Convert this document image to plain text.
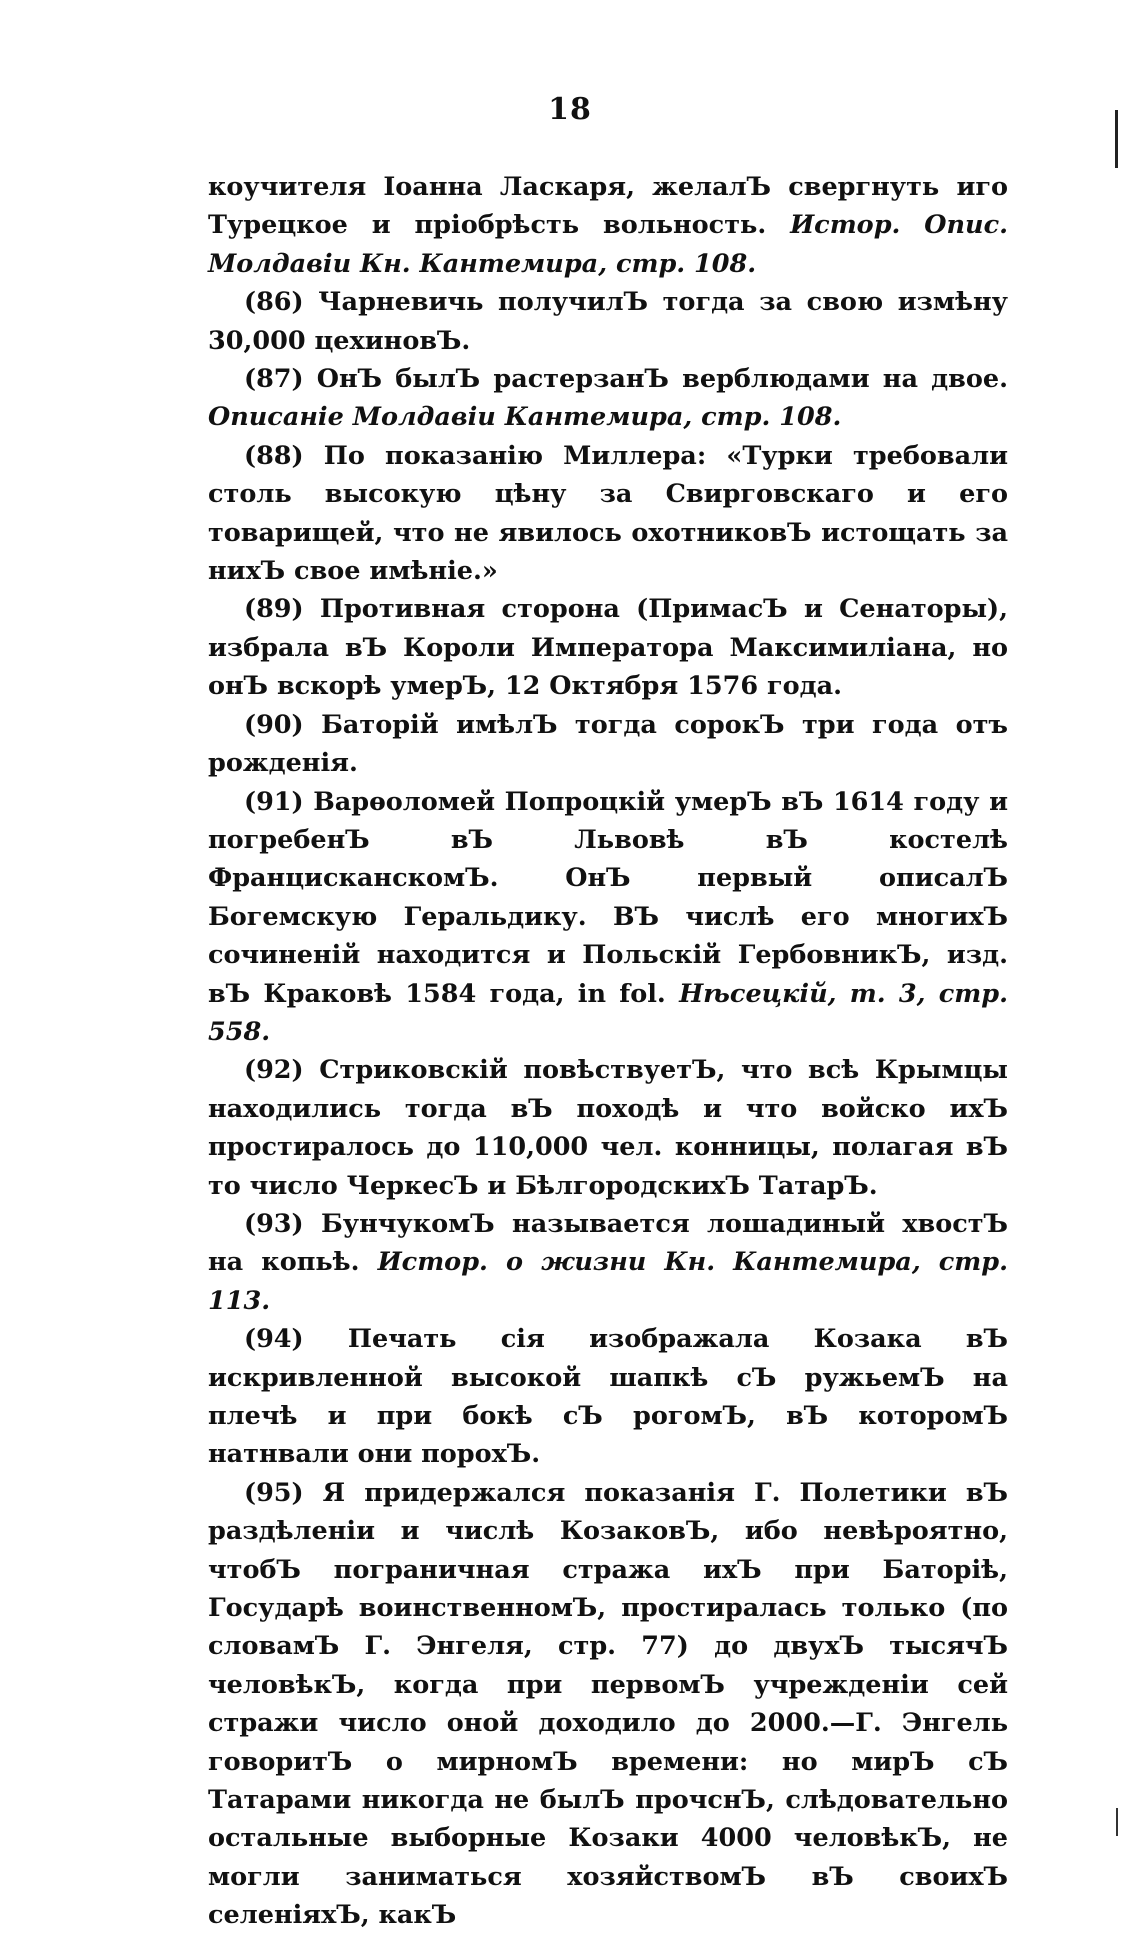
18

коучителя Іоанна Ласкаря, желалЪ свергнуть иго Турецкое и пріобрѣсть вольность. Истор. Опис. Молдавіи Кн. Кантемира, стр. 108.

(86) Чарневичь получилЪ тогда за свою измѣну 30,000 цехиновЪ.

(87) ОнЪ былЪ растерзанЪ верблюдами на двое. Описаніе Молдавіи Кантемира, стр. 108.

(88) По показанію Миллера: «Турки требовали столь высокую цѣну за Свирговскаго и его товарищей, что не явилось охотниковЪ истощать за нихЪ свое имѣніе.»

(89) Противная сторона (ПримасЪ и Сенаторы), избрала вЪ Короли Императора Максимиліана, но онЪ вскорѣ умерЪ, 12 Октября 1576 года.

(90) Баторій имѣлЪ тогда сорокЪ три года отъ рожденія.

(91) Варѳоломей Попроцкій умерЪ вЪ 1614 году и погребенЪ вЪ Львовѣ вЪ костелѣ ФранцисканскомЪ. ОнЪ первый описалЪ Богемскую Геральдику. ВЪ числѣ его многихЪ сочиненій находится и Польскій ГербовникЪ, изд. вЪ Краковѣ 1584 года, in fol. Нѣсецкій, т. 3, стр. 558.

(92) Стриковскій повѣствуетЪ, что всѣ Крымцы находились тогда вЪ походѣ и что войско ихЪ простиралось до 110,000 чел. конницы, полагая вЪ то число ЧеркесЪ и БѣлгородскихЪ ТатарЪ.

(93) БунчукомЪ называется лошадиный хвостЪ на копьѣ. Истор. о жизни Кн. Кантемира, стр. 113.

(94) Печать сія изображала Козака вЪ искривленной высокой шапкѣ сЪ ружьемЪ на плечѣ и при бокѣ сЪ рогомЪ, вЪ которомЪ натнвали они порохЪ.

(95) Я придержался показанія Г. Полетики вЪ раздѣленіи и числѣ КозаковЪ, ибо невѣроятно, чтобЪ пограничная стража ихЪ при Баторіѣ, Государѣ воинственномЪ, простиралась только (по словамЪ Г. Энгеля, стр. 77) до двухЪ тысячЪ человѣкЪ, когда при первомЪ учрежденіи сей стражи число оной доходило до 2000.—Г. Энгель говоритЪ о мирномЪ времени: но мирЪ сЪ Татарами никогда не былЪ прочснЪ, слѣдовательно остальные выборные Козаки 4000 человѣкЪ, не могли заниматься хозяйствомЪ вЪ своихЪ селеніяхЪ, какЪ
